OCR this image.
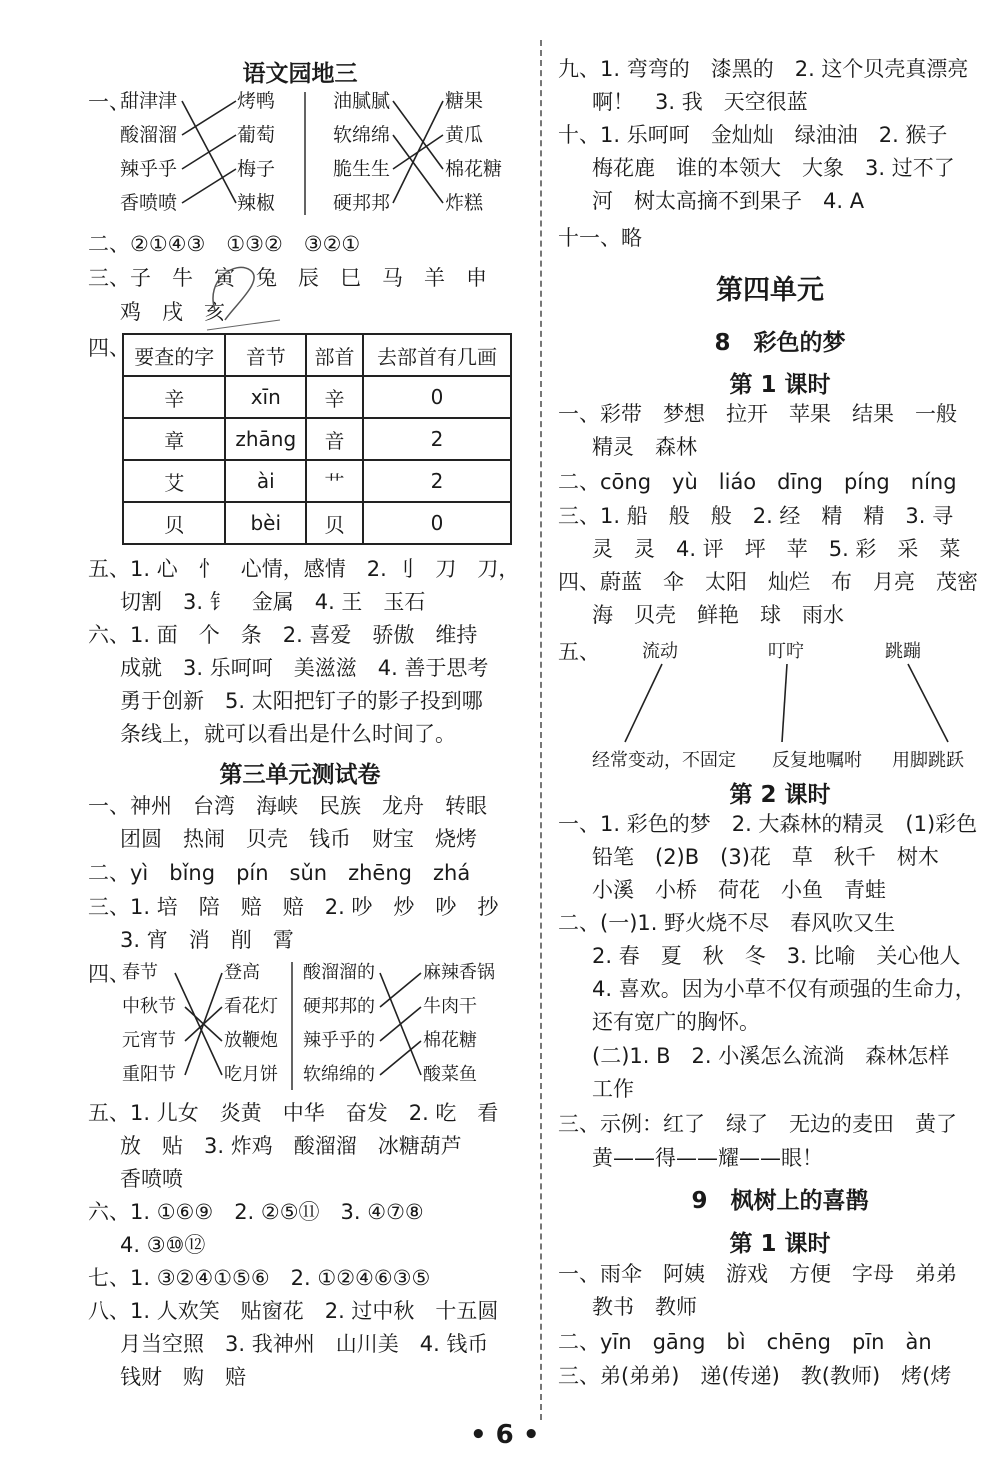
语文园地三
一、
甜津津
酸溜溜
辣乎乎
香喷喷
烤鸭
葡萄
梅子
辣椒
油腻腻
软绵绵
脆生生
硬邦邦
糖果
黄瓜
棉花糖
炸糕
二、②①④③　①③②　③②①
三、子　牛　寅　兔　辰　巳　马　羊　申
鸡　戌　亥
四、 要查的字	音节	部首	去部首有几画
辛	xīn	辛	0
章	zhāng	音	2
艾	ài	艹	2
贝	bèi	贝	0
五、1. 心　忄　心情，感情　2. 刂　刀　刀，
切割　3. 钅　金属　4. 王　玉石
六、1. 面　个　条　2. 喜爱　骄傲　维持
成就　3. 乐呵呵　美滋滋　4. 善于思考
勇于创新　5. 太阳把钉子的影子投到哪
条线上，就可以看出是什么时间了。
第三单元测试卷
一、神州　台湾　海峡　民族　龙舟　转眼
团圆　热闹　贝壳　钱币　财宝　烧烤
二、yì　bǐng　pín　sǔn　zhēng　zhá
三、1. 培　陪　赔　赔　2. 吵　炒　吵　抄
3. 宵　消　削　霄
四、
春节
中秋节
元宵节
重阳节
登高
看花灯
放鞭炮
吃月饼
酸溜溜的
硬邦邦的
辣乎乎的
软绵绵的
麻辣香锅
牛肉干
棉花糖
酸菜鱼
五、1. 儿女　炎黄　中华　奋发　2. 吃　看
放　贴　3. 炸鸡　酸溜溜　冰糖葫芦
香喷喷
六、1. ①⑥⑨　2. ②⑤⑪　3. ④⑦⑧
4. ③⑩⑫
七、1. ③②④①⑤⑥　2. ①②④⑥③⑤
八、1. 人欢笑　贴窗花　2. 过中秋　十五圆
月当空照　3. 我神州　山川美　4. 钱币
钱财　购　赔
九、1. 弯弯的　漆黑的　2. 这个贝壳真漂亮
啊！　3. 我　天空很蓝
十、1. 乐呵呵　金灿灿　绿油油　2. 猴子
梅花鹿　谁的本领大　大象　3. 过不了
河　树太高摘不到果子　4. A
十一、略
第四单元
8　彩色的梦
第 1 课时
一、彩带　梦想　拉开　苹果　结果　一般
精灵　森林
二、cōng　yù　liáo　dīng　píng　níng
三、1. 船　般　般　2. 经　精　精　3. 寻
灵　灵　4. 评　坪　苹　5. 彩　采　菜
四、蔚蓝　伞　太阳　灿烂　布　月亮　茂密
海　贝壳　鲜艳　球　雨水
五、 流动	叮咛	跳蹦
经常变动，不固定 反复地嘱咐 用脚跳跃
第 2 课时
一、1. 彩色的梦　2. 大森林的精灵　(1)彩色
铅笔　(2)B　(3)花　草　秋千　树木
小溪　小桥　荷花　小鱼　青蛙
二、(一)1. 野火烧不尽　春风吹又生
2. 春　夏　秋　冬　3. 比喻　关心他人
4. 喜欢。因为小草不仅有顽强的生命力，
还有宽广的胸怀。
(二)1. B　2. 小溪怎么流淌　森林怎样
工作
三、示例：红了　绿了　无边的麦田　黄了
黄——得——耀——眼！
9　枫树上的喜鹊
第 1 课时
一、雨伞　阿姨　游戏　方便　字母　弟弟
教书　教师
二、yīn　gāng　bì　chēng　pīn　àn
三、弟(弟弟)　递(传递)　教(教师)　烤(烤
• 6 •
